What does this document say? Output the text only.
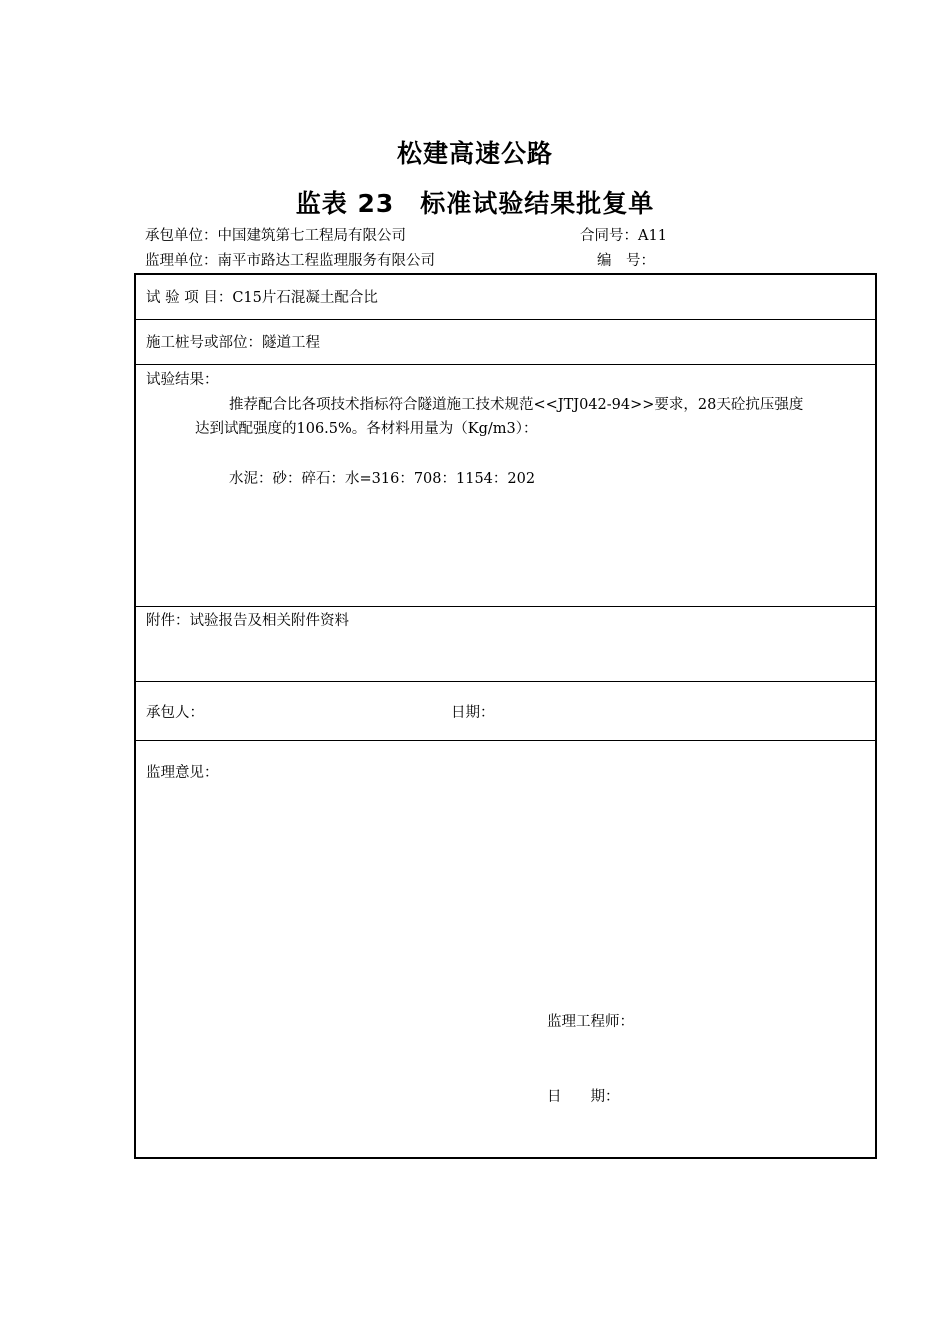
松建高速公路
监表 23　标准试验结果批复单
承包单位：中国建筑第七工程局有限公司	合同号：A11
监理单位：南平市路达工程监理服务有限公司	编　号：
试 验 项 目：C15片石混凝土配合比
施工桩号或部位：隧道工程
试验结果：
推荐配合比各项技术指标符合隧道施工技术规范<<JTJ042-94>>要求，28天砼抗压强度
达到试配强度的106.5%。各材料用量为（Kg/m3）：
水泥：砂：碎石：水=316：708：1154：202
附件：试验报告及相关附件资料
承包人：	日期：
监理意见：
监理工程师：
日　　期：
